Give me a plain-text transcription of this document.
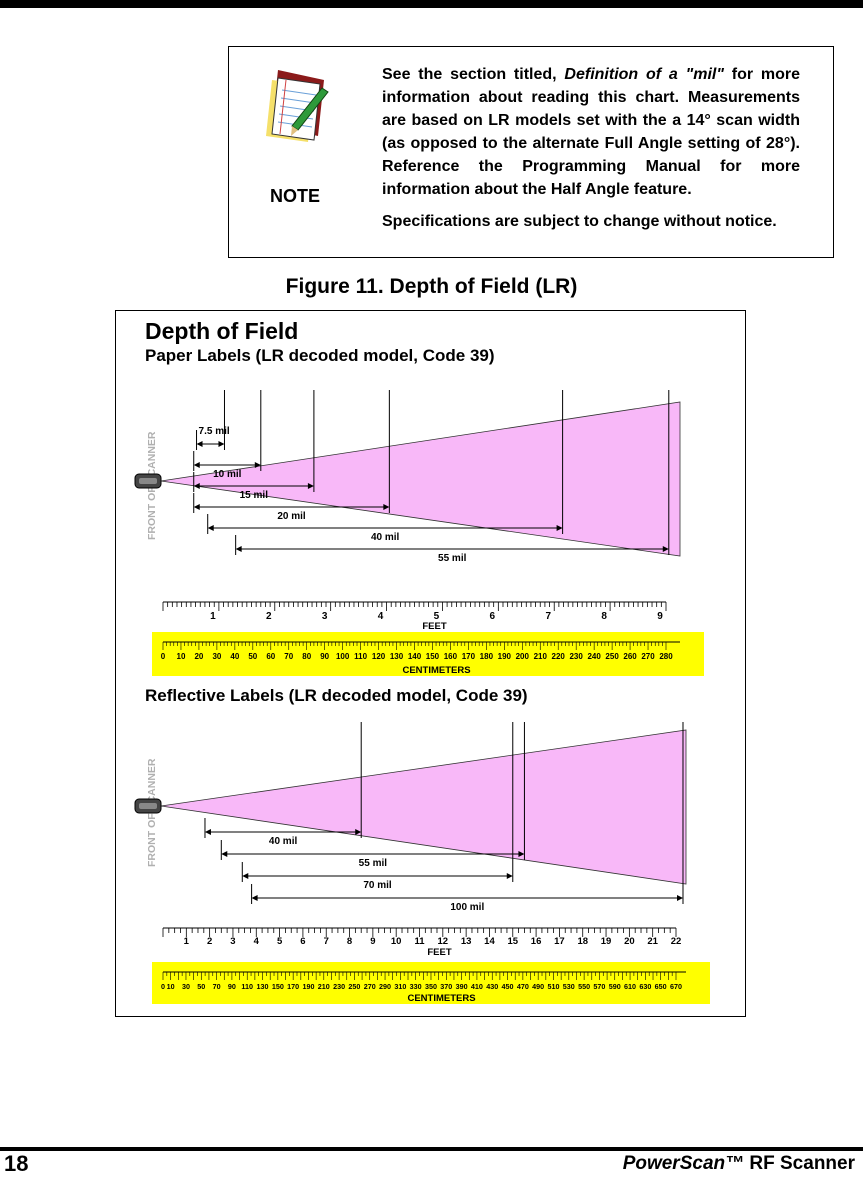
NOTE

See the section titled, Definition of a "mil" for more information about reading this chart. Measurements are based on LR models set with the a 14° scan width (as opposed to the alternate Full Angle setting of 28°). Reference the Programming Manual for more information about the Half Angle feature.

Specifications are subject to change without notice.

Figure 11. Depth of Field (LR)
Depth of Field
Paper Labels (LR decoded model, Code 39)
Reflective Labels (LR decoded model, Code 39)
7.5 mil
10 mil
15 mil
20 mil
40 mil
55 mil
1	2	3	4	5	6	7	8	9
FEET
0 10 20 30 40 50 60 70 80 90 100 110 120 130 140 150 160 170 180 190 200 210 220 230 240 250 260 270 280
CENTIMETERS
40 mil
55 mil
70 mil
100 mil
1 2 3 4 5 6 7 8 9 10 11 12 13 14 15 16 17 18 19 20 21 22
FEET
0 10 30 50 70 90 110 130 150 170 190 210 230 250 270 290 310 330 350 370 390 410 430 450 470 490 510 530 550 570 590 610 630 650 670
CENTIMETERS
18	PowerScan™ RF Scanner
